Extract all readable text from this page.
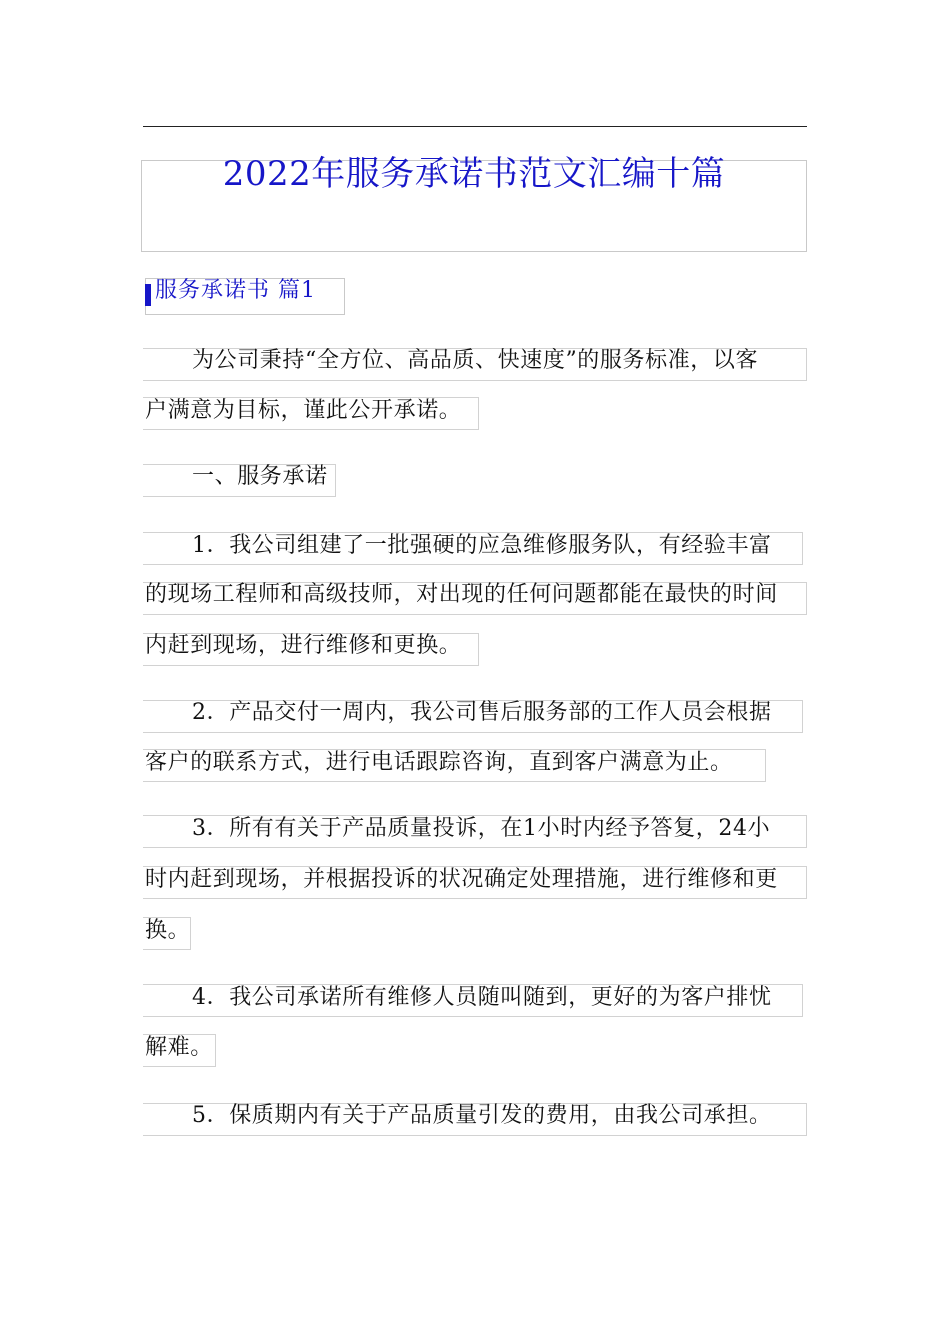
2022年服务承诺书范文汇编十篇
服务承诺书 篇1
为公司秉持“全方位、高品质、快速度”的服务标准，以客
户满意为目标，谨此公开承诺。
一、服务承诺
1．我公司组建了一批强硬的应急维修服务队，有经验丰富
的现场工程师和高级技师，对出现的任何问题都能在最快的时间
内赶到现场，进行维修和更换。
2．产品交付一周内，我公司售后服务部的工作人员会根据
客户的联系方式，进行电话跟踪咨询，直到客户满意为止。
3．所有有关于产品质量投诉，在1小时内经予答复，24小
时内赶到现场，并根据投诉的状况确定处理措施，进行维修和更
换。
4．我公司承诺所有维修人员随叫随到，更好的为客户排忧
解难。
5．保质期内有关于产品质量引发的费用，由我公司承担。
